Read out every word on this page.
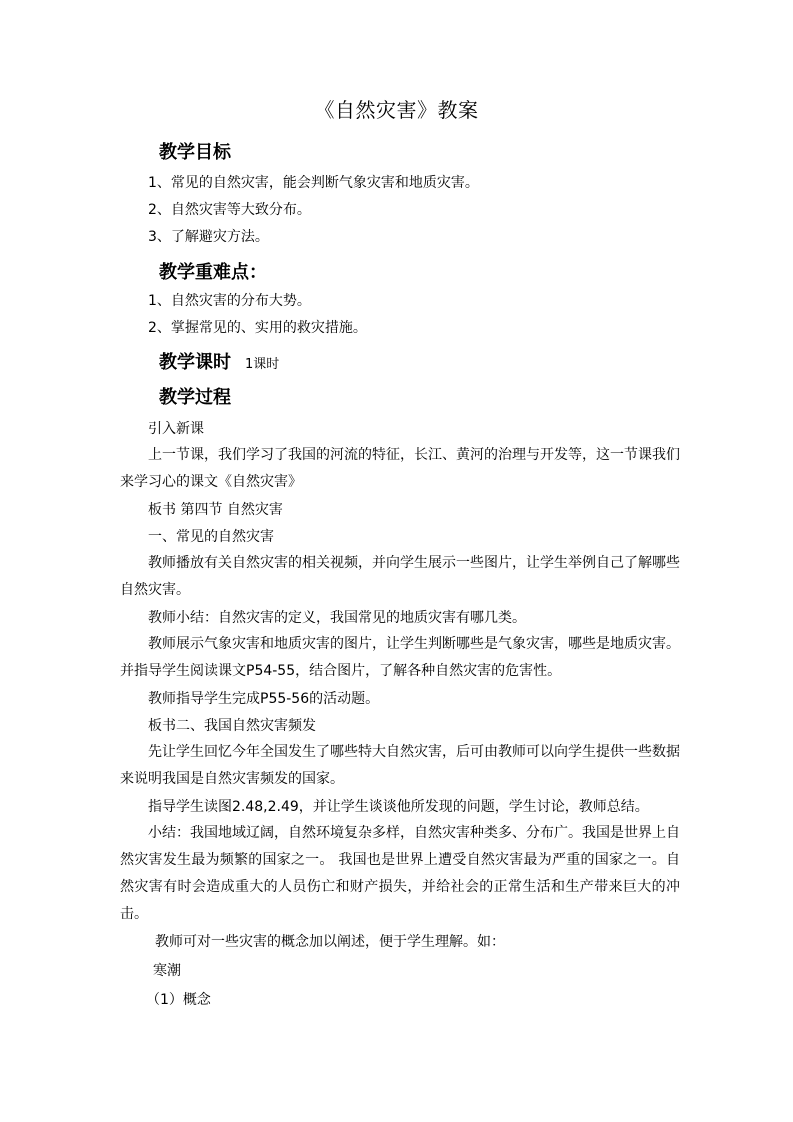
《自然灾害》教案
教学目标
1、常见的自然灾害，能会判断气象灾害和地质灾害。
2、自然灾害等大致分布。
3、了解避灾方法。
教学重难点：
1、自然灾害的分布大势。
2、掌握常见的、实用的救灾措施。
教学课时 1课时
教学过程
引入新课
上一节课，我们学习了我国的河流的特征，长江、黄河的治理与开发等，这一节课我们来学习心的课文《自然灾害》
板书 第四节 自然灾害
一、常见的自然灾害
教师播放有关自然灾害的相关视频，并向学生展示一些图片，让学生举例自己了解哪些自然灾害。
教师小结：自然灾害的定义，我国常见的地质灾害有哪几类。
教师展示气象灾害和地质灾害的图片，让学生判断哪些是气象灾害，哪些是地质灾害。并指导学生阅读课文P54-55，结合图片，了解各种自然灾害的危害性。
教师指导学生完成P55-56的活动题。
板书二、我国自然灾害频发
先让学生回忆今年全国发生了哪些特大自然灾害，后可由教师可以向学生提供一些数据来说明我国是自然灾害频发的国家。
指导学生读图2.48,2.49，并让学生谈谈他所发现的问题，学生讨论，教师总结。
小结：我国地域辽阔，自然环境复杂多样，自然灾害种类多、分布广。我国是世界上自然灾害发生最为频繁的国家之一。 我国也是世界上遭受自然灾害最为严重的国家之一。自然灾害有时会造成重大的人员伤亡和财产损失，并给社会的正常生活和生产带来巨大的冲击。
教师可对一些灾害的概念加以阐述，便于学生理解。如：
寒潮
（1）概念
